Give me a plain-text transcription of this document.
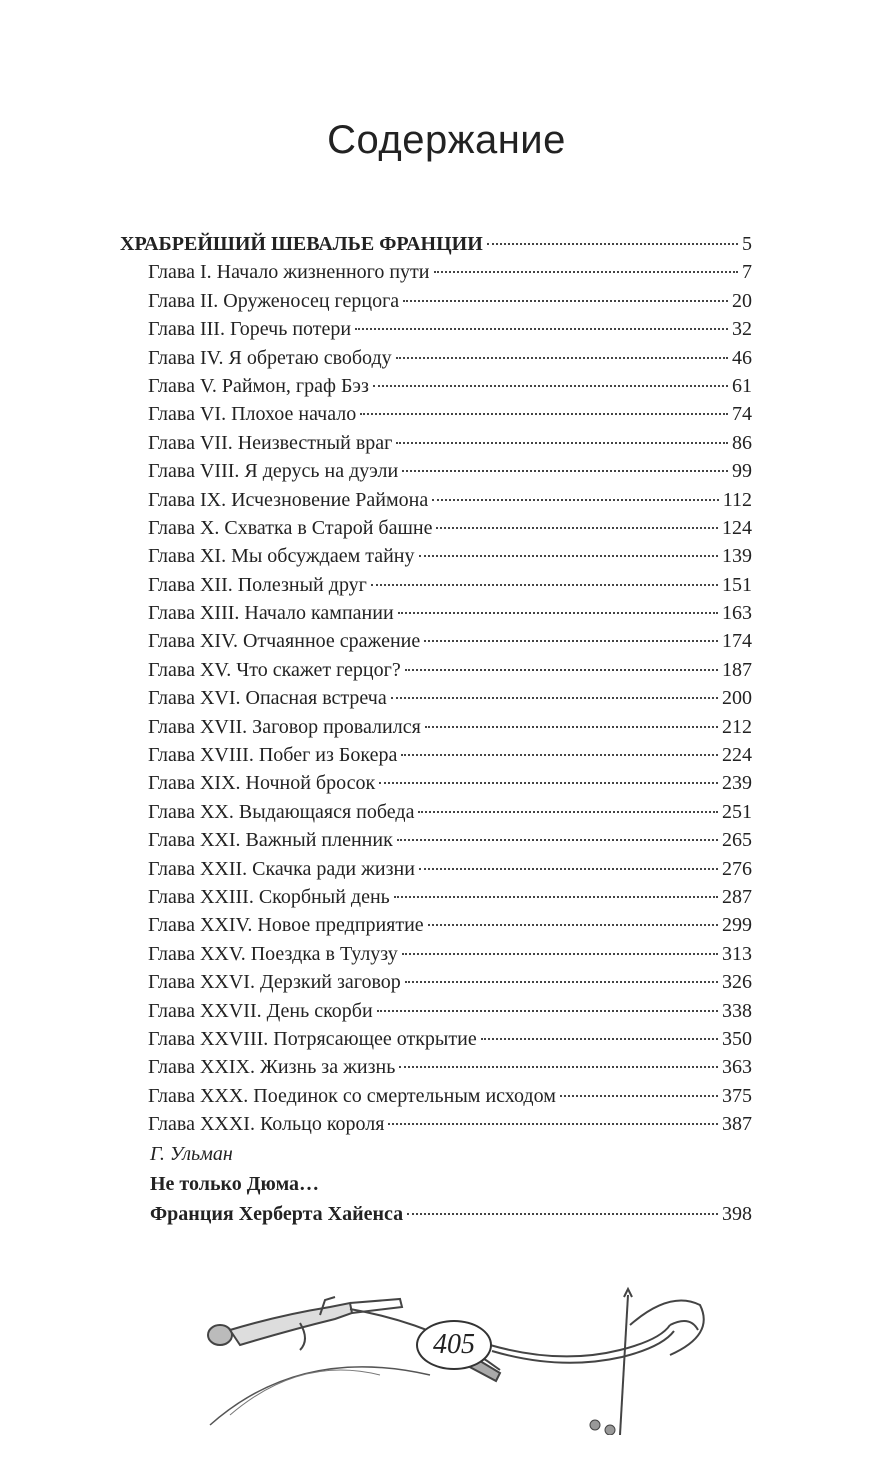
Содержание
ХРАБРЕЙШИЙ ШЕВАЛЬЕ ФРАНЦИИ	5
Глава I. Начало жизненного пути	7
Глава II. Оруженосец герцога	20
Глава III. Горечь потери	32
Глава IV. Я обретаю свободу	46
Глава V. Раймон, граф Бэз	61
Глава VI. Плохое начало	74
Глава VII. Неизвестный враг	86
Глава VIII. Я дерусь на дуэли	99
Глава IX. Исчезновение Раймона	112
Глава X. Схватка в Старой башне	124
Глава XI. Мы обсуждаем тайну	139
Глава XII. Полезный друг	151
Глава XIII. Начало кампании	163
Глава XIV. Отчаянное сражение	174
Глава XV. Что скажет герцог?	187
Глава XVI. Опасная встреча	200
Глава XVII. Заговор провалился	212
Глава XVIII. Побег из Бокера	224
Глава XIX. Ночной бросок	239
Глава XX. Выдающаяся победа	251
Глава XXI. Важный пленник	265
Глава XXII. Скачка ради жизни	276
Глава XXIII. Скорбный день	287
Глава XXIV. Новое предприятие	299
Глава XXV. Поездка в Тулузу	313
Глава XXVI. Дерзкий заговор	326
Глава XXVII. День скорби	338
Глава XXVIII. Потрясающее открытие	350
Глава XXIX. Жизнь за жизнь	363
Глава XXX. Поединок со смертельным исходом	375
Глава XXXI. Кольцо короля	387
Г. Ульман
Не только Дюма…
Франция Херберта Хайенса	398
405
